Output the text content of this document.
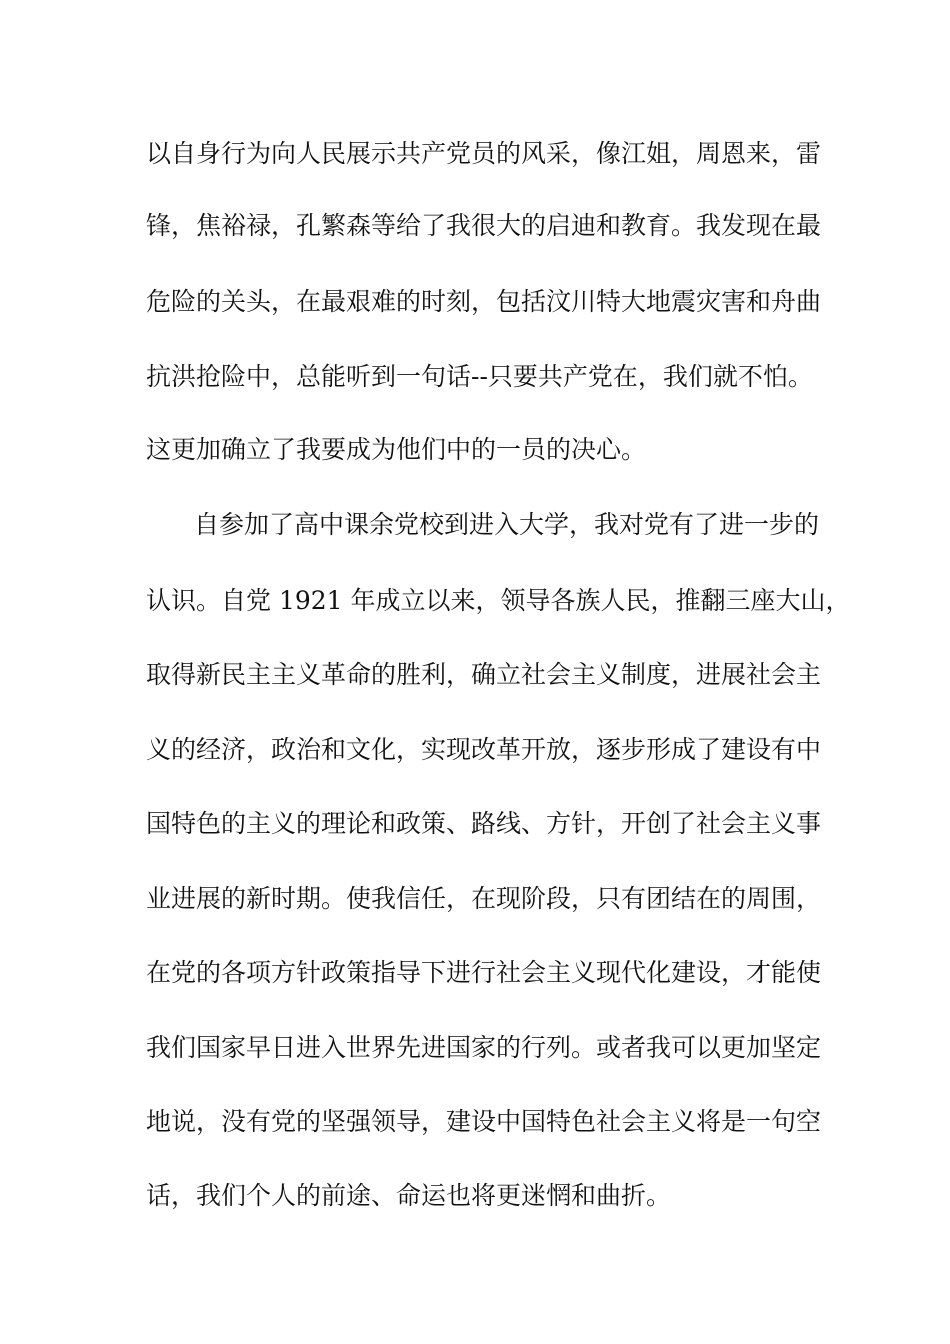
以自身行为向人民展示共产党员的风采，像江姐，周恩来，雷
锋，焦裕禄，孔繁森等给了我很大的启迪和教育。我发现在最
危险的关头，在最艰难的时刻，包括汶川特大地震灾害和舟曲
抗洪抢险中，总能听到一句话--只要共产党在，我们就不怕。
这更加确立了我要成为他们中的一员的决心。
自参加了高中课余党校到进入大学，我对党有了进一步的
认识。自党 1921 年成立以来，领导各族人民，推翻三座大山，
取得新民主主义革命的胜利，确立社会主义制度，进展社会主
义的经济，政治和文化，实现改革开放，逐步形成了建设有中
国特色的主义的理论和政策、路线、方针，开创了社会主义事
业进展的新时期。使我信任，在现阶段，只有团结在的周围，
在党的各项方针政策指导下进行社会主义现代化建设，才能使
我们国家早日进入世界先进国家的行列。或者我可以更加坚定
地说，没有党的坚强领导，建设中国特色社会主义将是一句空
话，我们个人的前途、命运也将更迷惘和曲折。
